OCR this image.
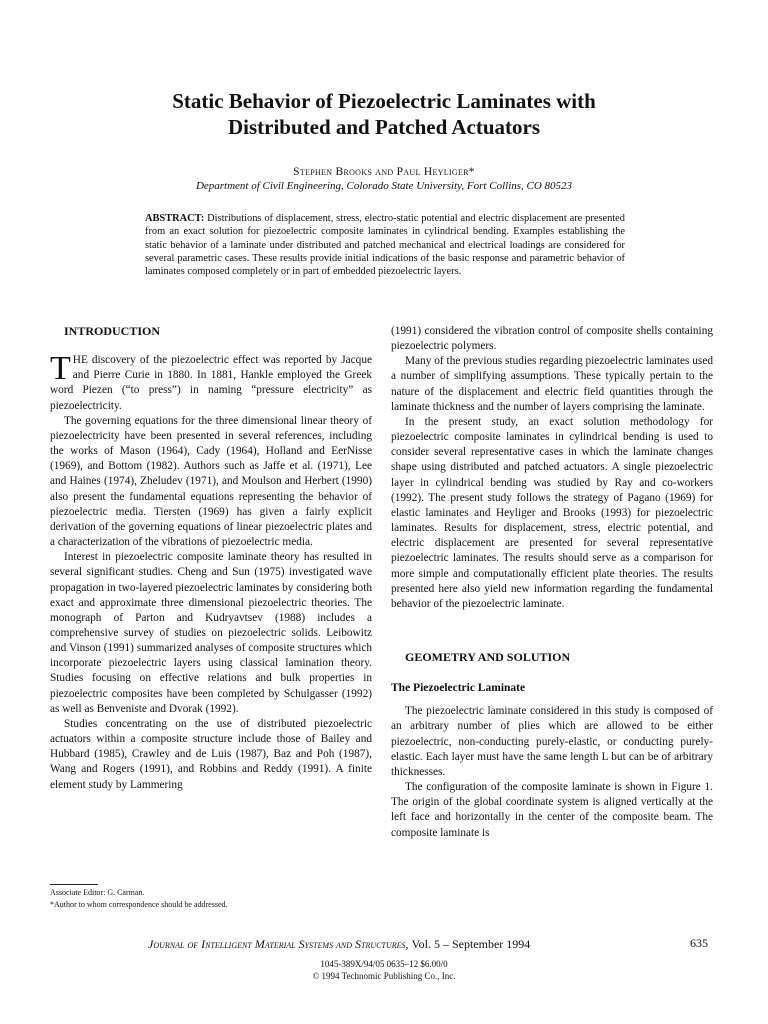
Static Behavior of Piezoelectric Laminates with
Distributed and Patched Actuators
Stephen Brooks and Paul Heyliger*
Department of Civil Engineering, Colorado State University, Fort Collins, CO 80523
ABSTRACT: Distributions of displacement, stress, electro-static potential and electric displacement are presented from an exact solution for piezoelectric composite laminates in cylindrical bending. Examples establishing the static behavior of a laminate under distributed and patched mechanical and electrical loadings are considered for several parametric cases. These results provide initial indications of the basic response and parametric behavior of laminates composed completely or in part of embedded piezoelectric layers.

INTRODUCTION

THE discovery of the piezoelectric effect was reported by Jacque and Pierre Curie in 1880. In 1881, Hankle employed the Greek word Piezen (“to press”) in naming “pressure electricity” as piezoelectricity.

The governing equations for the three dimensional linear theory of piezoelectricity have been presented in several references, including the works of Mason (1964), Cady (1964), Holland and EerNisse (1969), and Bottom (1982). Authors such as Jaffe et al. (1971), Lee and Haines (1974), Zheludev (1971), and Moulson and Herbert (1990) also present the fundamental equations representing the behavior of piezoelectric media. Tiersten (1969) has given a fairly explicit derivation of the governing equations of linear piezoelectric plates and a characterization of the vibrations of piezoelectric media.

Interest in piezoelectric composite laminate theory has resulted in several significant studies. Cheng and Sun (1975) investigated wave propagation in two-layered piezoelectric laminates by considering both exact and approximate three dimensional piezoelectric theories. The monograph of Parton and Kudryavtsev (1988) includes a comprehensive survey of studies on piezoelectric solids. Leibowitz and Vinson (1991) summarized analyses of composite structures which incorporate piezoelectric layers using classical lamination theory. Studies focusing on effective relations and bulk properties in piezoelectric composites have been completed by Schulgasser (1992) as well as Benveniste and Dvorak (1992).

Studies concentrating on the use of distributed piezoelectric actuators within a composite structure include those of Bailey and Hubbard (1985), Crawley and de Luis (1987), Baz and Poh (1987), Wang and Rogers (1991), and Robbins and Reddy (1991). A finite element study by Lammering

(1991) considered the vibration control of composite shells containing piezoelectric polymers.

Many of the previous studies regarding piezoelectric laminates used a number of simplifying assumptions. These typically pertain to the nature of the displacement and electric field quantities through the laminate thickness and the number of layers comprising the laminate.

In the present study, an exact solution methodology for piezoelectric composite laminates in cylindrical bending is used to consider several representative cases in which the laminate changes shape using distributed and patched actuators. A single piezoelectric layer in cylindrical bending was studied by Ray and co-workers (1992). The present study follows the strategy of Pagano (1969) for elastic laminates and Heyliger and Brooks (1993) for piezoelectric laminates. Results for displacement, stress, electric potential, and electric displacement are presented for several representative piezoelectric laminates. The results should serve as a comparison for more simple and computationally efficient plate theories. The results presented here also yield new information regarding the fundamental behavior of the piezoelectric laminate.

GEOMETRY AND SOLUTION

The Piezoelectric Laminate

The piezoelectric laminate considered in this study is composed of an arbitrary number of plies which are allowed to be either piezoelectric, non-conducting purely-elastic, or conducting purely-elastic. Each layer must have the same length L but can be of arbitrary thicknesses.

The configuration of the composite laminate is shown in Figure 1. The origin of the global coordinate system is aligned vertically at the left face and horizontally in the center of the composite beam. The composite laminate is

Associate Editor: G. Carman.
*Author to whom correspondence should be addressed.
Journal of Intelligent Material Systems and Structures, Vol. 5 – September 1994	635
1045-389X/94/05 0635–12 $6.00/0
© 1994 Technomic Publishing Co., Inc.
